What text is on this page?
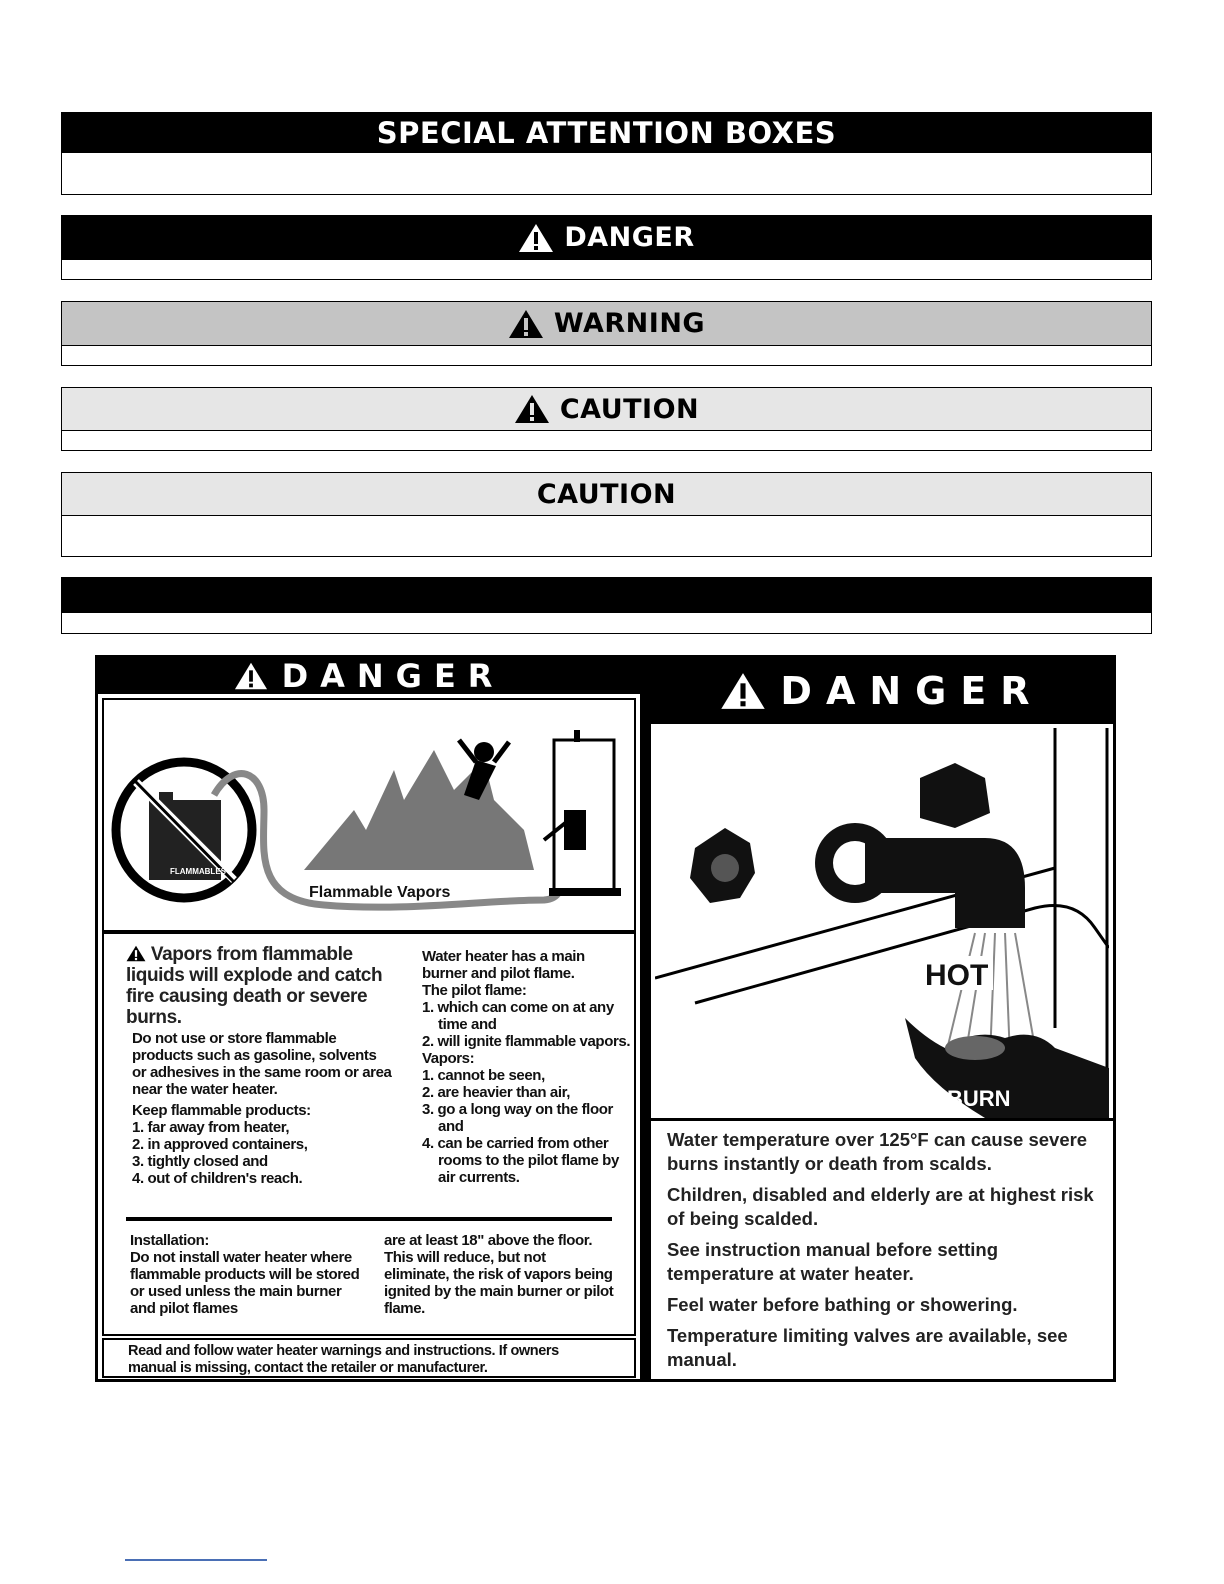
SPECIAL ATTENTION BOXES
DANGER
WARNING
CAUTION
CAUTION
DANGER
FLAMMABLES
Flammable Vapors
Vapors from flammable liquids will explode and catch fire causing death or severe burns.
Do not use or store flammable products such as gasoline, solvents or adhesives in the same room or area near the water heater.
Keep flammable products:
1. far away from heater,
2. in approved containers,
3. tightly closed and
4. out of children's reach.
Water heater has a main burner and pilot flame.
The pilot flame:
1. which can come on at any time and
2. will ignite flammable vapors.
Vapors:
1. cannot be seen,
2. are heavier than air,
3. go a long way on the floor and
4. can be carried from other rooms to the pilot flame by air currents.
Installation:
Do not install water heater where flammable products will be stored or used unless the main burner and pilot flames
are at least 18" above the floor. This will reduce, but not eliminate, the risk of vapors being ignited by the main burner or pilot flame.
Read and follow water heater warnings and instructions. If owners manual is missing, contact the retailer or manufacturer.
DANGER
HOT
BURN

Water temperature over 125°F can cause severe burns instantly or death from scalds.

Children, disabled and elderly are at highest risk of being scalded.

See instruction manual before setting temperature at water heater.

Feel water before bathing or showering.

Temperature limiting valves are available, see manual.
